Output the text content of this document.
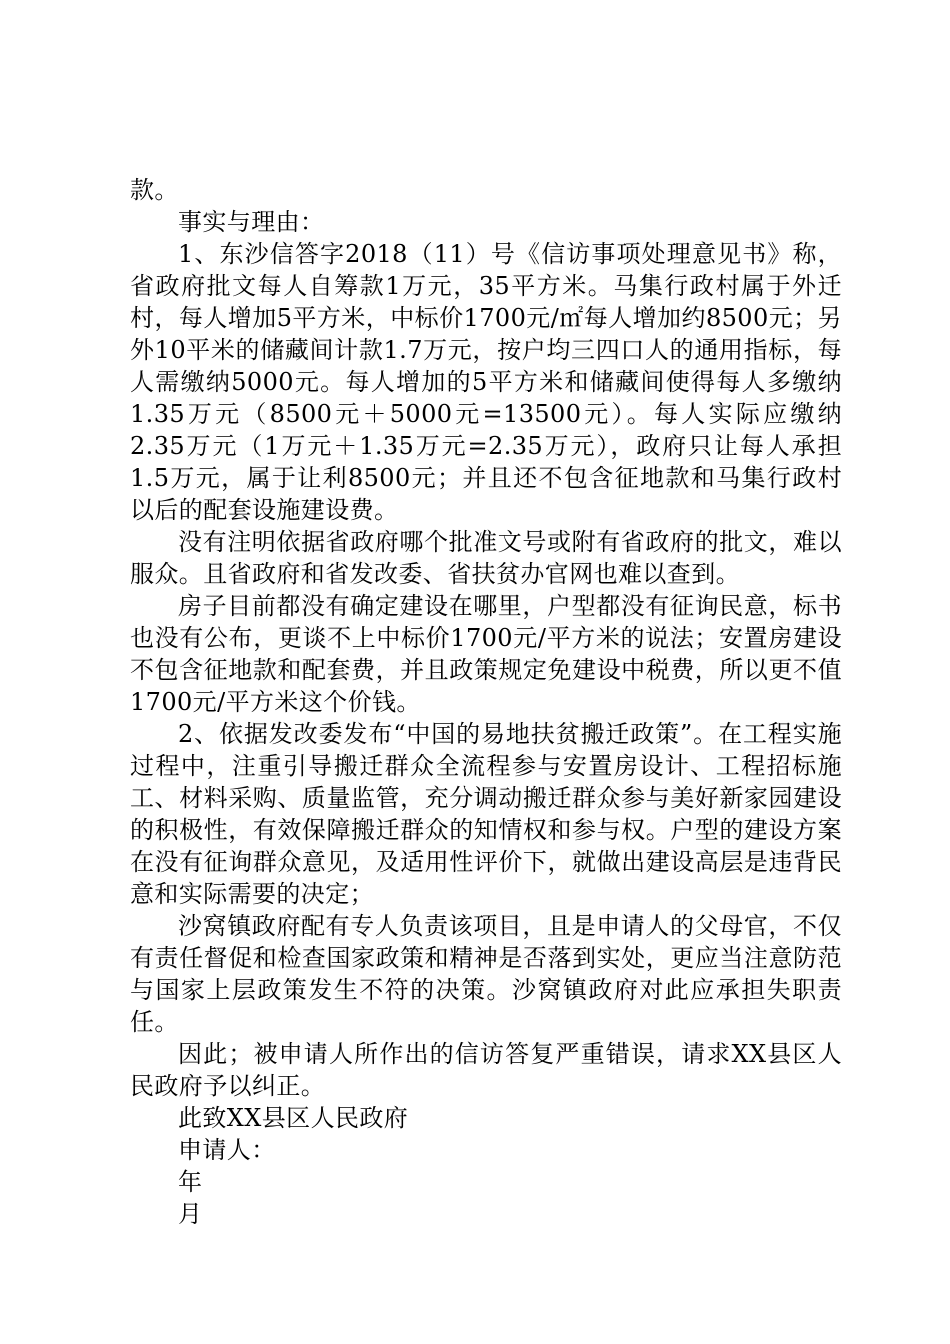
款。

事实与理由：

1、东沙信答字2018（11）号《信访事项处理意见书》称，省政府批文每人自筹款1万元，35平方米。马集行政村属于外迁村，每人增加5平方米，中标价1700元/㎡每人增加约8500元；另外10平米的储藏间计款1.7万元，按户均三四口人的通用指标，每人需缴纳5000元。每人增加的5平方米和储藏间使得每人多缴纳1.35万元（8500元＋5000元=13500元）。每人实际应缴纳2.35万元（1万元＋1.35万元=2.35万元），政府只让每人承担1.5万元，属于让利8500元；并且还不包含征地款和马集行政村以后的配套设施建设费。

没有注明依据省政府哪个批准文号或附有省政府的批文，难以服众。且省政府和省发改委、省扶贫办官网也难以查到。

房子目前都没有确定建设在哪里，户型都没有征询民意，标书也没有公布，更谈不上中标价1700元/平方米的说法；安置房建设不包含征地款和配套费，并且政策规定免建设中税费，所以更不值1700元/平方米这个价钱。

2、依据发改委发布“中国的易地扶贫搬迁政策”。在工程实施过程中，注重引导搬迁群众全流程参与安置房设计、工程招标施工、材料采购、质量监管，充分调动搬迁群众参与美好新家园建设的积极性，有效保障搬迁群众的知情权和参与权。户型的建设方案在没有征询群众意见，及适用性评价下，就做出建设高层是违背民意和实际需要的决定；

沙窝镇政府配有专人负责该项目，且是申请人的父母官，不仅有责任督促和检查国家政策和精神是否落到实处，更应当注意防范与国家上层政策发生不符的决策。沙窝镇政府对此应承担失职责任。

因此；被申请人所作出的信访答复严重错误，请求XX县区人民政府予以纠正。

此致XX县区人民政府

申请人：

年

月
